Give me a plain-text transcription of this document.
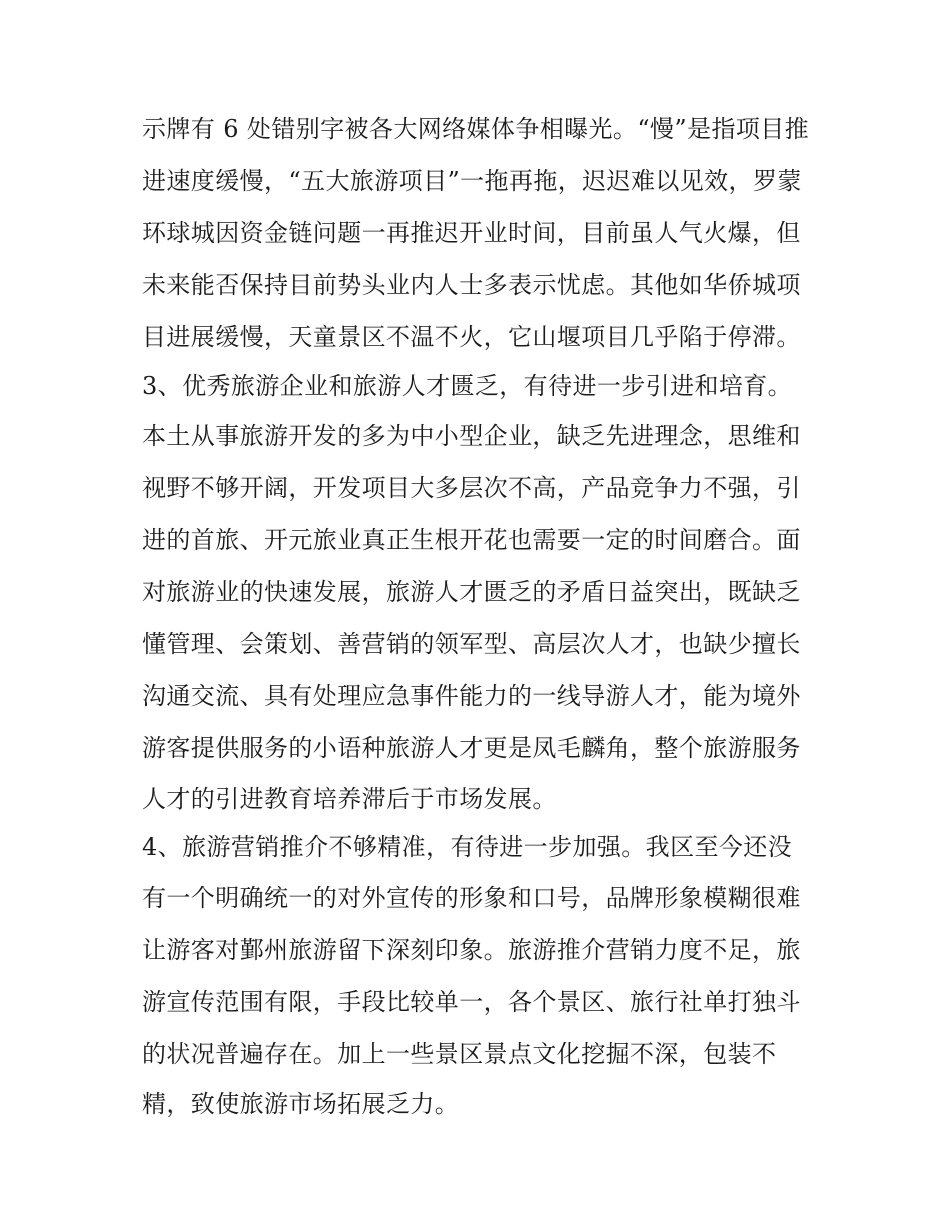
示牌有 6 处错别字被各大网络媒体争相曝光。“慢”是指项目推
进速度缓慢，“五大旅游项目”一拖再拖，迟迟难以见效，罗蒙
环球城因资金链问题一再推迟开业时间，目前虽人气火爆，但
未来能否保持目前势头业内人士多表示忧虑。其他如华侨城项
目进展缓慢，天童景区不温不火，它山堰项目几乎陷于停滞。
3、优秀旅游企业和旅游人才匮乏，有待进一步引进和培育。
本土从事旅游开发的多为中小型企业，缺乏先进理念，思维和
视野不够开阔，开发项目大多层次不高，产品竞争力不强，引
进的首旅、开元旅业真正生根开花也需要一定的时间磨合。面
对旅游业的快速发展，旅游人才匮乏的矛盾日益突出，既缺乏
懂管理、会策划、善营销的领军型、高层次人才，也缺少擅长
沟通交流、具有处理应急事件能力的一线导游人才，能为境外
游客提供服务的小语种旅游人才更是凤毛麟角，整个旅游服务
人才的引进教育培养滞后于市场发展。
4、旅游营销推介不够精准，有待进一步加强。我区至今还没
有一个明确统一的对外宣传的形象和口号，品牌形象模糊很难
让游客对鄞州旅游留下深刻印象。旅游推介营销力度不足，旅
游宣传范围有限，手段比较单一，各个景区、旅行社单打独斗
的状况普遍存在。加上一些景区景点文化挖掘不深，包装不
精，致使旅游市场拓展乏力。
